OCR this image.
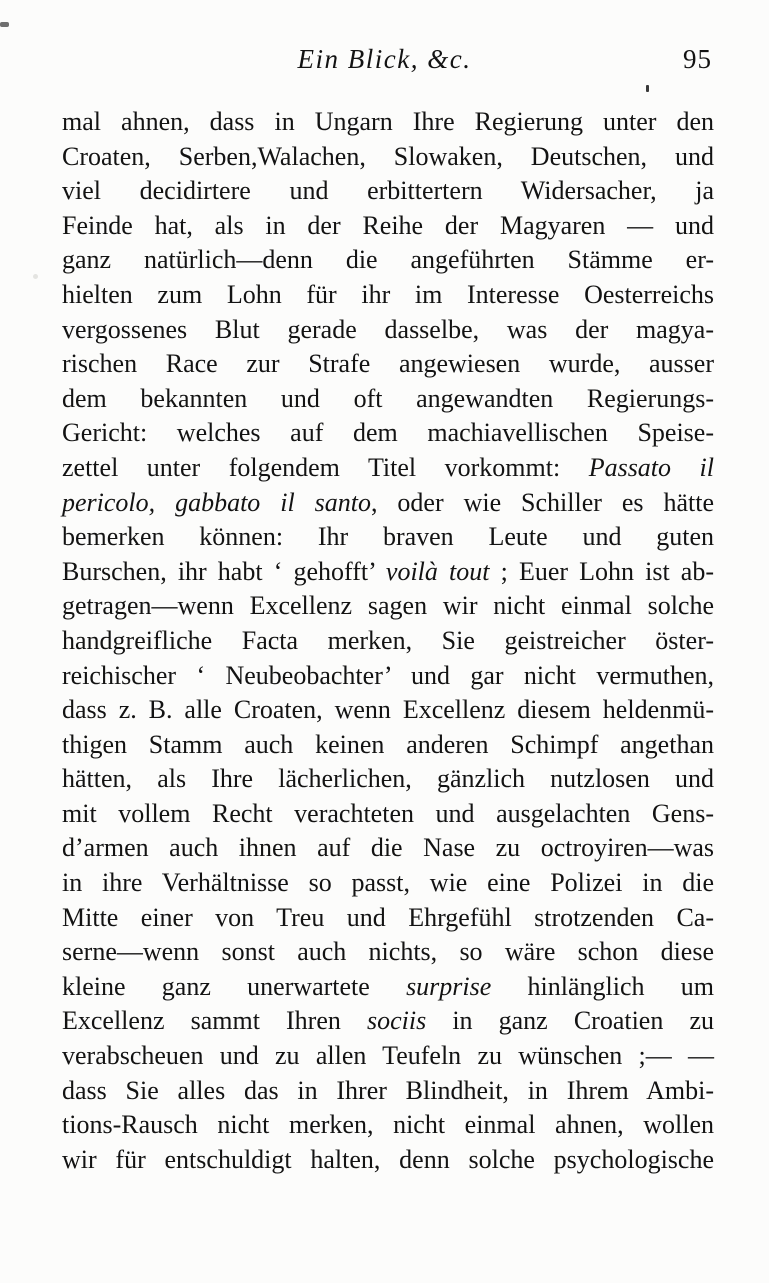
Ein Blick, &c.	95
mal ahnen, dass in Ungarn Ihre Regierung unter den
Croaten, Serben,Walachen, Slowaken, Deutschen, und
viel decidirtere und erbittertern Widersacher, ja
Feinde hat, als in der Reihe der Magyaren — und
ganz natürlich—denn die angeführten Stämme er-
hielten zum Lohn für ihr im Interesse Oesterreichs
vergossenes Blut gerade dasselbe, was der magya-
rischen Race zur Strafe angewiesen wurde, ausser
dem bekannten und oft angewandten Regierungs-
Gericht: welches auf dem machiavellischen Speise-
zettel unter folgendem Titel vorkommt: Passato il
pericolo, gabbato il santo, oder wie Schiller es hätte
bemerken können: Ihr braven Leute und guten
Burschen, ihr habt ‘ gehofft’ voilà tout ; Euer Lohn ist ab-
getragen—wenn Excellenz sagen wir nicht einmal solche
handgreifliche Facta merken, Sie geistreicher öster-
reichischer ‘ Neubeobachter’ und gar nicht vermuthen,
dass z. B. alle Croaten, wenn Excellenz diesem heldenmü-
thigen Stamm auch keinen anderen Schimpf angethan
hätten, als Ihre lächerlichen, gänzlich nutzlosen und
mit vollem Recht verachteten und ausgelachten Gens-
d’armen auch ihnen auf die Nase zu octroyiren—was
in ihre Verhältnisse so passt, wie eine Polizei in die
Mitte einer von Treu und Ehrgefühl strotzenden Ca-
serne—wenn sonst auch nichts, so wäre schon diese
kleine ganz unerwartete surprise hinlänglich um
Excellenz sammt Ihren sociis in ganz Croatien zu
verabscheuen und zu allen Teufeln zu wünschen ;— —
dass Sie alles das in Ihrer Blindheit, in Ihrem Ambi-
tions-Rausch nicht merken, nicht einmal ahnen, wollen
wir für entschuldigt halten, denn solche psychologische
